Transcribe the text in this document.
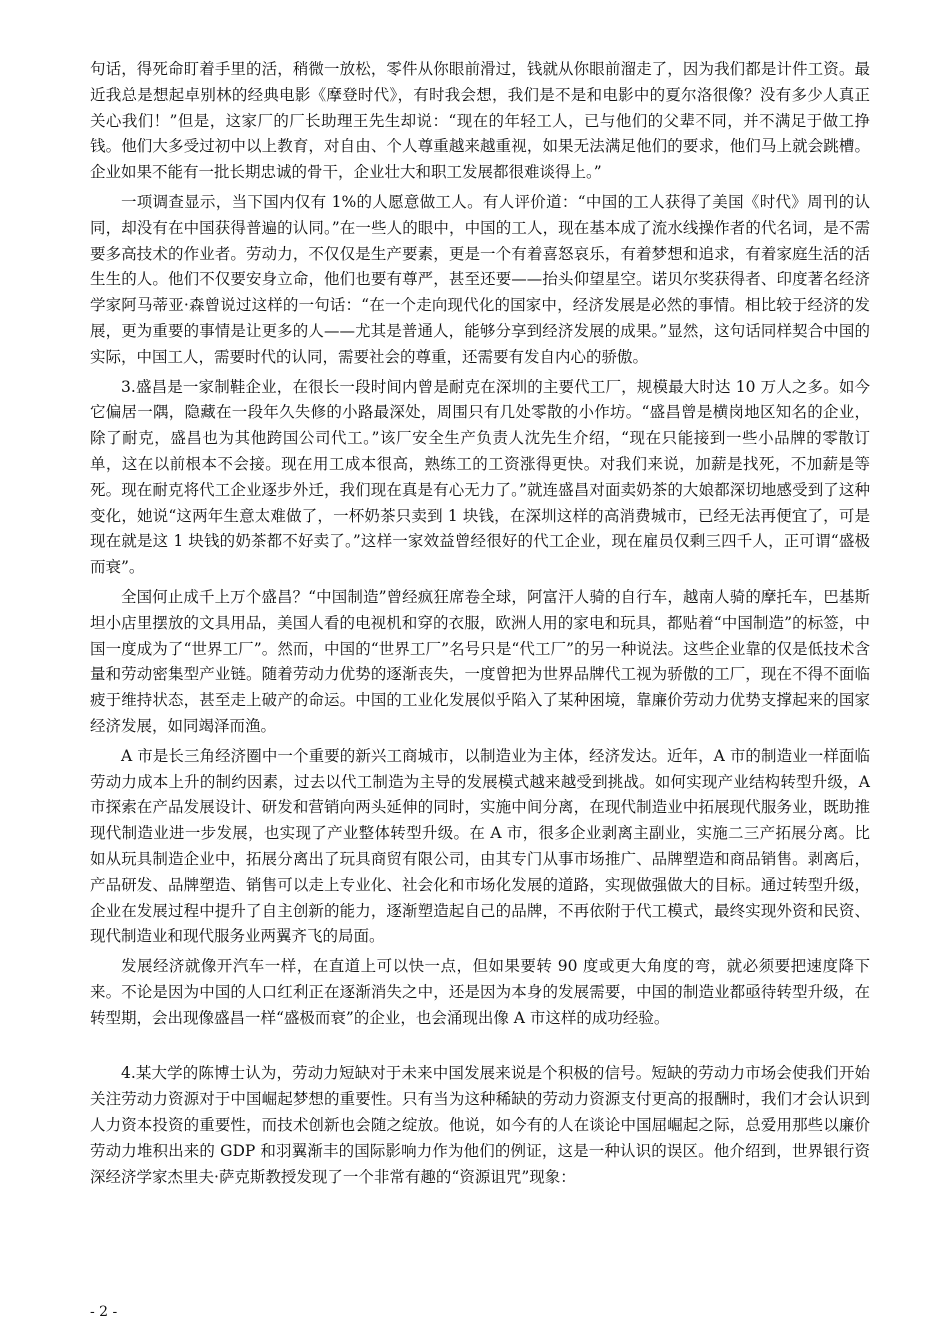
句话，得死命盯着手里的活，稍微一放松，零件从你眼前滑过，钱就从你眼前溜走了，因为我们都是计件工资。最近我总是想起卓别林的经典电影《摩登时代》，有时我会想，我们是不是和电影中的夏尔洛很像？没有多少人真正关心我们！”但是，这家厂的厂长助理王先生却说：“现在的年轻工人，已与他们的父辈不同，并不满足于做工挣钱。他们大多受过初中以上教育，对自由、个人尊重越来越重视，如果无法满足他们的要求，他们马上就会跳槽。企业如果不能有一批长期忠诚的骨干，企业壮大和职工发展都很难谈得上。”

一项调查显示，当下国内仅有 1%的人愿意做工人。有人评价道：“中国的工人获得了美国《时代》周刊的认同，却没有在中国获得普遍的认同。”在一些人的眼中，中国的工人，现在基本成了流水线操作者的代名词，是不需要多高技术的作业者。劳动力，不仅仅是生产要素，更是一个有着喜怒哀乐，有着梦想和追求，有着家庭生活的活生生的人。他们不仅要安身立命，他们也要有尊严，甚至还要——抬头仰望星空。诺贝尔奖获得者、印度著名经济学家阿马蒂亚·森曾说过这样的一句话：“在一个走向现代化的国家中，经济发展是必然的事情。相比较于经济的发展，更为重要的事情是让更多的人——尤其是普通人，能够分享到经济发展的成果。”显然，这句话同样契合中国的实际，中国工人，需要时代的认同，需要社会的尊重，还需要有发自内心的骄傲。

3.盛昌是一家制鞋企业，在很长一段时间内曾是耐克在深圳的主要代工厂，规模最大时达 10 万人之多。如今它偏居一隅，隐藏在一段年久失修的小路最深处，周围只有几处零散的小作坊。“盛昌曾是横岗地区知名的企业，除了耐克，盛昌也为其他跨国公司代工。”该厂安全生产负责人沈先生介绍，“现在只能接到一些小品牌的零散订单，这在以前根本不会接。现在用工成本很高，熟练工的工资涨得更快。对我们来说，加薪是找死，不加薪是等死。现在耐克将代工企业逐步外迁，我们现在真是有心无力了。”就连盛昌对面卖奶茶的大娘都深切地感受到了这种变化，她说“这两年生意太难做了，一杯奶茶只卖到 1 块钱，在深圳这样的高消费城市，已经无法再便宜了，可是现在就是这 1 块钱的奶茶都不好卖了。”这样一家效益曾经很好的代工企业，现在雇员仅剩三四千人，正可谓“盛极而衰”。

全国何止成千上万个盛昌？“中国制造”曾经疯狂席卷全球，阿富汗人骑的自行车，越南人骑的摩托车，巴基斯坦小店里摆放的文具用品，美国人看的电视机和穿的衣服，欧洲人用的家电和玩具，都贴着“中国制造”的标签，中国一度成为了“世界工厂”。然而，中国的“世界工厂”名号只是“代工厂”的另一种说法。这些企业靠的仅是低技术含量和劳动密集型产业链。随着劳动力优势的逐渐丧失，一度曾把为世界品牌代工视为骄傲的工厂，现在不得不面临疲于维持状态，甚至走上破产的命运。中国的工业化发展似乎陷入了某种困境，靠廉价劳动力优势支撑起来的国家经济发展，如同竭泽而渔。

A 市是长三角经济圈中一个重要的新兴工商城市，以制造业为主体，经济发达。近年，A 市的制造业一样面临劳动力成本上升的制约因素，过去以代工制造为主导的发展模式越来越受到挑战。如何实现产业结构转型升级，A 市探索在产品发展设计、研发和营销向两头延伸的同时，实施中间分离，在现代制造业中拓展现代服务业，既助推现代制造业进一步发展，也实现了产业整体转型升级。在 A 市，很多企业剥离主副业，实施二三产拓展分离。比如从玩具制造企业中，拓展分离出了玩具商贸有限公司，由其专门从事市场推广、品牌塑造和商品销售。剥离后，产品研发、品牌塑造、销售可以走上专业化、社会化和市场化发展的道路，实现做强做大的目标。通过转型升级，企业在发展过程中提升了自主创新的能力，逐渐塑造起自己的品牌，不再依附于代工模式，最终实现外资和民资、现代制造业和现代服务业两翼齐飞的局面。

发展经济就像开汽车一样，在直道上可以快一点，但如果要转 90 度或更大角度的弯，就必须要把速度降下来。不论是因为中国的人口红利正在逐渐消失之中，还是因为本身的发展需要，中国的制造业都亟待转型升级，在转型期，会出现像盛昌一样“盛极而衰”的企业，也会涌现出像 A 市这样的成功经验。

4.某大学的陈博士认为，劳动力短缺对于未来中国发展来说是个积极的信号。短缺的劳动力市场会使我们开始关注劳动力资源对于中国崛起梦想的重要性。只有当为这种稀缺的劳动力资源支付更高的报酬时，我们才会认识到人力资本投资的重要性，而技术创新也会随之绽放。他说，如今有的人在谈论中国屈崛起之际，总爱用那些以廉价劳动力堆积出来的 GDP 和羽翼渐丰的国际影响力作为他们的例证，这是一种认识的误区。他介绍到，世界银行资深经济学家杰里夫·萨克斯教授发现了一个非常有趣的“资源诅咒”现象：

- 2 -
